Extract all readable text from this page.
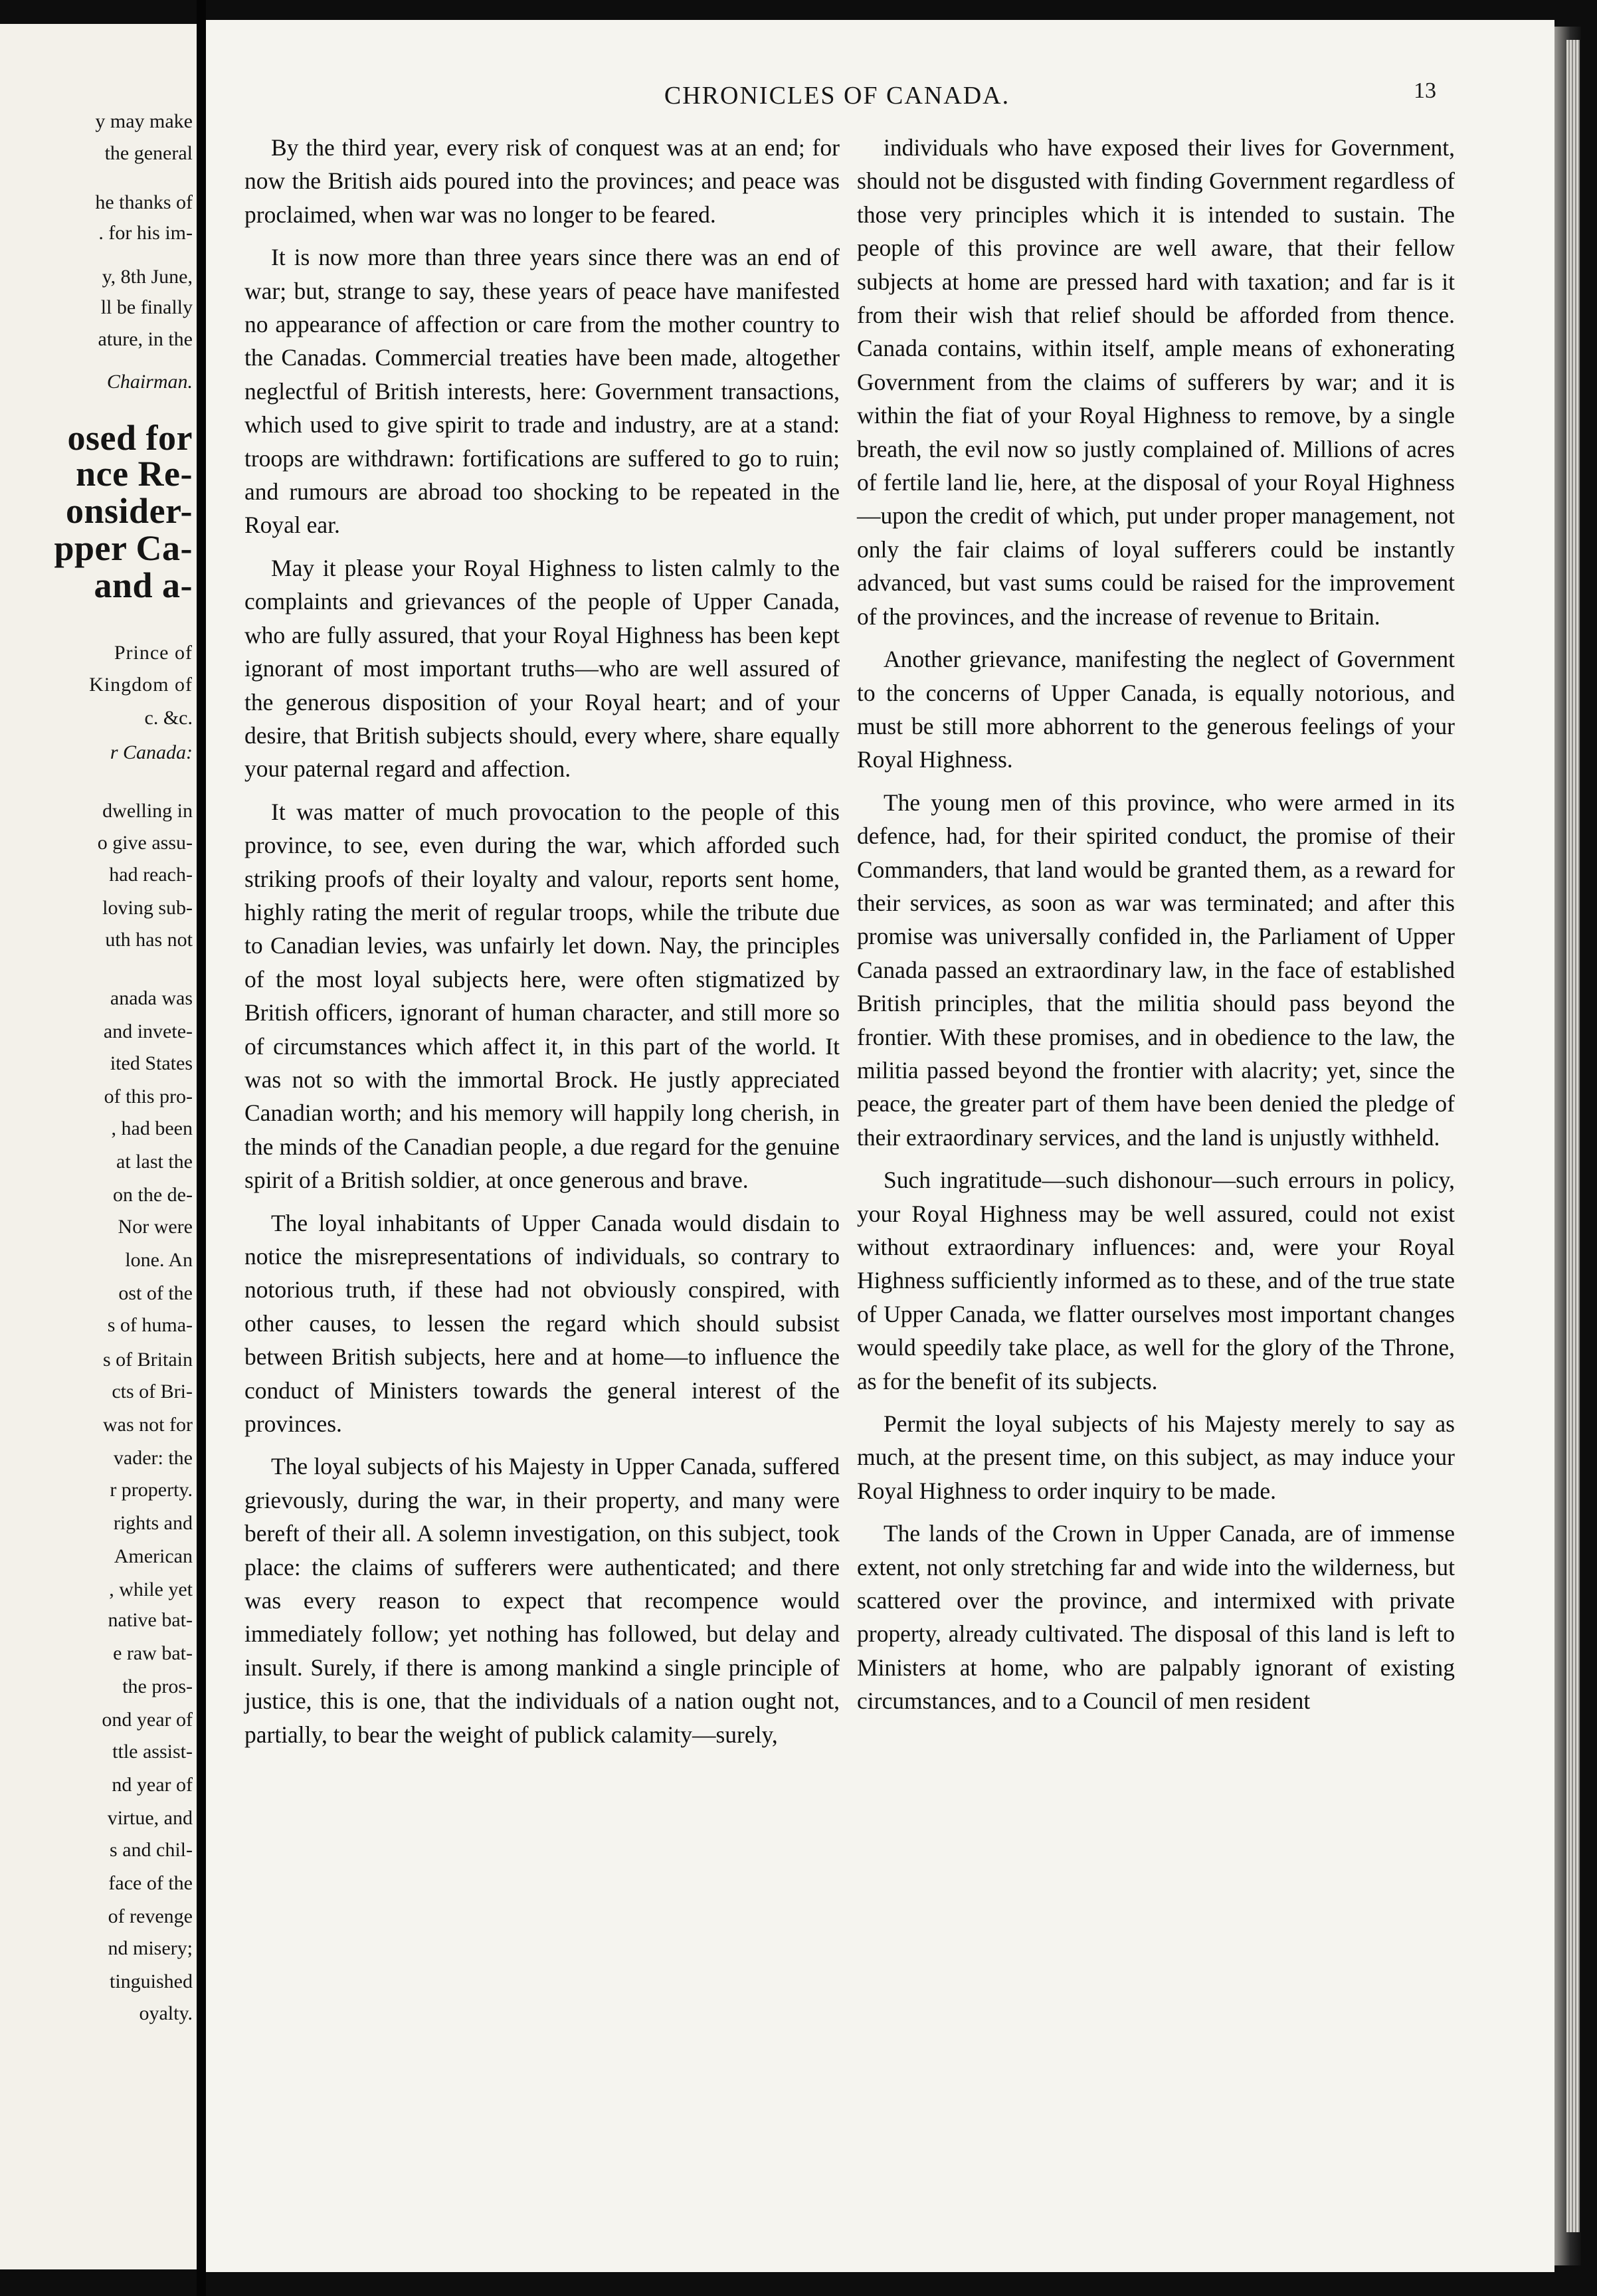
y may make
the general
he thanks of
. for his im-
y, 8th June,
ll be finally
ature, in the
Chairman.
osed for
nce Re-
onsider-
pper Ca-
and a-
Prince of
Kingdom of
c. &c.
r Canada:
dwelling in
o give assu-
had reach-
loving sub-
uth has not
anada was
and invete-
ited States
of this pro-
, had been
at last the
on the de-
Nor were
lone. An
ost of the
s of huma-
s of Britain
cts of Bri-
was not for
vader: the
r property.
rights and
American
, while yet
native bat-
e raw bat-
the pros-
ond year of
ttle assist-
nd year of
virtue, and
s and chil-
face of the
of revenge
nd misery;
tinguished
oyalty.
CHRONICLES OF CANADA.	13

By the third year, every risk of conquest was at an end; for now the British aids poured into the provinces; and peace was proclaimed, when war was no longer to be feared.

It is now more than three years since there was an end of war; but, strange to say, these years of peace have manifested no appearance of affection or care from the mother country to the Canadas. Commercial treaties have been made, altogether neglectful of British interests, here: Government transactions, which used to give spirit to trade and industry, are at a stand: troops are withdrawn: fortifications are suffered to go to ruin; and rumours are abroad too shocking to be repeated in the Royal ear.

May it please your Royal Highness to listen calmly to the complaints and grievances of the people of Upper Canada, who are fully assured, that your Royal Highness has been kept ignorant of most important truths—who are well assured of the generous disposition of your Royal heart; and of your desire, that British subjects should, every where, share equally your paternal regard and affection.

It was matter of much provocation to the people of this province, to see, even during the war, which afforded such striking proofs of their loyalty and valour, reports sent home, highly rating the merit of regular troops, while the tribute due to Canadian levies, was unfairly let down. Nay, the principles of the most loyal subjects here, were often stigmatized by British officers, ignorant of human character, and still more so of circumstances which affect it, in this part of the world. It was not so with the immortal Brock. He justly appreciated Canadian worth; and his memory will happily long cherish, in the minds of the Canadian people, a due regard for the genuine spirit of a British soldier, at once generous and brave.

The loyal inhabitants of Upper Canada would disdain to notice the misrepresentations of individuals, so contrary to notorious truth, if these had not obviously conspired, with other causes, to lessen the regard which should subsist between British subjects, here and at home—to influence the conduct of Ministers towards the general interest of the provinces.

The loyal subjects of his Majesty in Upper Canada, suffered grievously, during the war, in their property, and many were bereft of their all. A solemn investigation, on this subject, took place: the claims of sufferers were authenticated; and there was every reason to expect that recompence would immediately follow; yet nothing has followed, but delay and insult. Surely, if there is among mankind a single principle of justice, this is one, that the individuals of a nation ought not, partially, to bear the weight of publick calamity—surely,

individuals who have exposed their lives for Government, should not be disgusted with finding Government regardless of those very principles which it is intended to sustain. The people of this province are well aware, that their fellow subjects at home are pressed hard with taxation; and far is it from their wish that relief should be afforded from thence. Canada contains, within itself, ample means of exhonerating Government from the claims of sufferers by war; and it is within the fiat of your Royal Highness to remove, by a single breath, the evil now so justly complained of. Millions of acres of fertile land lie, here, at the disposal of your Royal Highness—upon the credit of which, put under proper management, not only the fair claims of loyal sufferers could be instantly advanced, but vast sums could be raised for the improvement of the provinces, and the increase of revenue to Britain.

Another grievance, manifesting the neglect of Government to the concerns of Upper Canada, is equally notorious, and must be still more abhorrent to the generous feelings of your Royal Highness.

The young men of this province, who were armed in its defence, had, for their spirited conduct, the promise of their Commanders, that land would be granted them, as a reward for their services, as soon as war was terminated; and after this promise was universally confided in, the Parliament of Upper Canada passed an extraordinary law, in the face of established British principles, that the militia should pass beyond the frontier. With these promises, and in obedience to the law, the militia passed beyond the frontier with alacrity; yet, since the peace, the greater part of them have been denied the pledge of their extraordinary services, and the land is unjustly withheld.

Such ingratitude—such dishonour—such errours in policy, your Royal Highness may be well assured, could not exist without extraordinary influences: and, were your Royal Highness sufficiently informed as to these, and of the true state of Upper Canada, we flatter ourselves most important changes would speedily take place, as well for the glory of the Throne, as for the benefit of its subjects.

Permit the loyal subjects of his Majesty merely to say as much, at the present time, on this subject, as may induce your Royal Highness to order inquiry to be made.

The lands of the Crown in Upper Canada, are of immense extent, not only stretching far and wide into the wilderness, but scattered over the province, and intermixed with private property, already cultivated. The disposal of this land is left to Ministers at home, who are palpably ignorant of existing circumstances, and to a Council of men resident
